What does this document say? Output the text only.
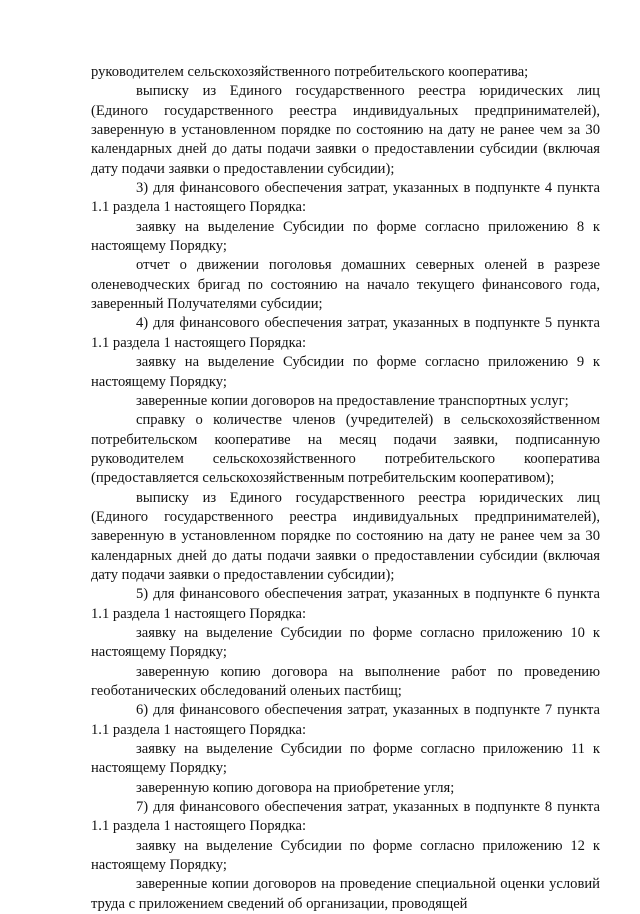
руководителем сельскохозяйственного потребительского кооператива;

выписку из Единого государственного реестра юридических лиц (Единого государственного реестра индивидуальных предпринимателей), заверенную в установленном порядке по состоянию на дату не ранее чем за 30 календарных дней до даты подачи заявки о предоставлении субсидии (включая дату подачи заявки о предоставлении субсидии);

3) для финансового обеспечения затрат, указанных в подпункте 4 пункта 1.1 раздела 1 настоящего Порядка:

заявку на выделение Субсидии по форме согласно приложению 8 к настоящему Порядку;

отчет о движении поголовья домашних северных оленей в разрезе оленеводческих бригад по состоянию на начало текущего финансового года, заверенный Получателями субсидии;

4) для финансового обеспечения затрат, указанных в подпункте 5 пункта 1.1 раздела 1 настоящего Порядка:

заявку на выделение Субсидии по форме согласно приложению 9 к настоящему Порядку;

заверенные копии договоров на предоставление транспортных услуг;

справку о количестве членов (учредителей) в сельскохозяйственном потребительском кооперативе на месяц подачи заявки, подписанную руководителем сельскохозяйственного потребительского кооператива (предоставляется сельскохозяйственным потребительским кооперативом);

выписку из Единого государственного реестра юридических лиц (Единого государственного реестра индивидуальных предпринимателей), заверенную в установленном порядке по состоянию на дату не ранее чем за 30 календарных дней до даты подачи заявки о предоставлении субсидии (включая дату подачи заявки о предоставлении субсидии);

5) для финансового обеспечения затрат, указанных в подпункте 6 пункта 1.1 раздела 1 настоящего Порядка:

заявку на выделение Субсидии по форме согласно приложению 10 к настоящему Порядку;

заверенную копию договора на выполнение работ по проведению геоботанических обследований оленьих пастбищ;

6) для финансового обеспечения затрат, указанных в подпункте 7 пункта 1.1 раздела 1 настоящего Порядка:

заявку на выделение Субсидии по форме согласно приложению 11 к настоящему Порядку;

заверенную копию договора на приобретение угля;

7) для финансового обеспечения затрат, указанных в подпункте 8 пункта 1.1 раздела 1 настоящего Порядка:

заявку на выделение Субсидии по форме согласно приложению 12 к настоящему Порядку;

заверенные копии договоров на проведение специальной оценки условий труда с приложением сведений об организации, проводящей
